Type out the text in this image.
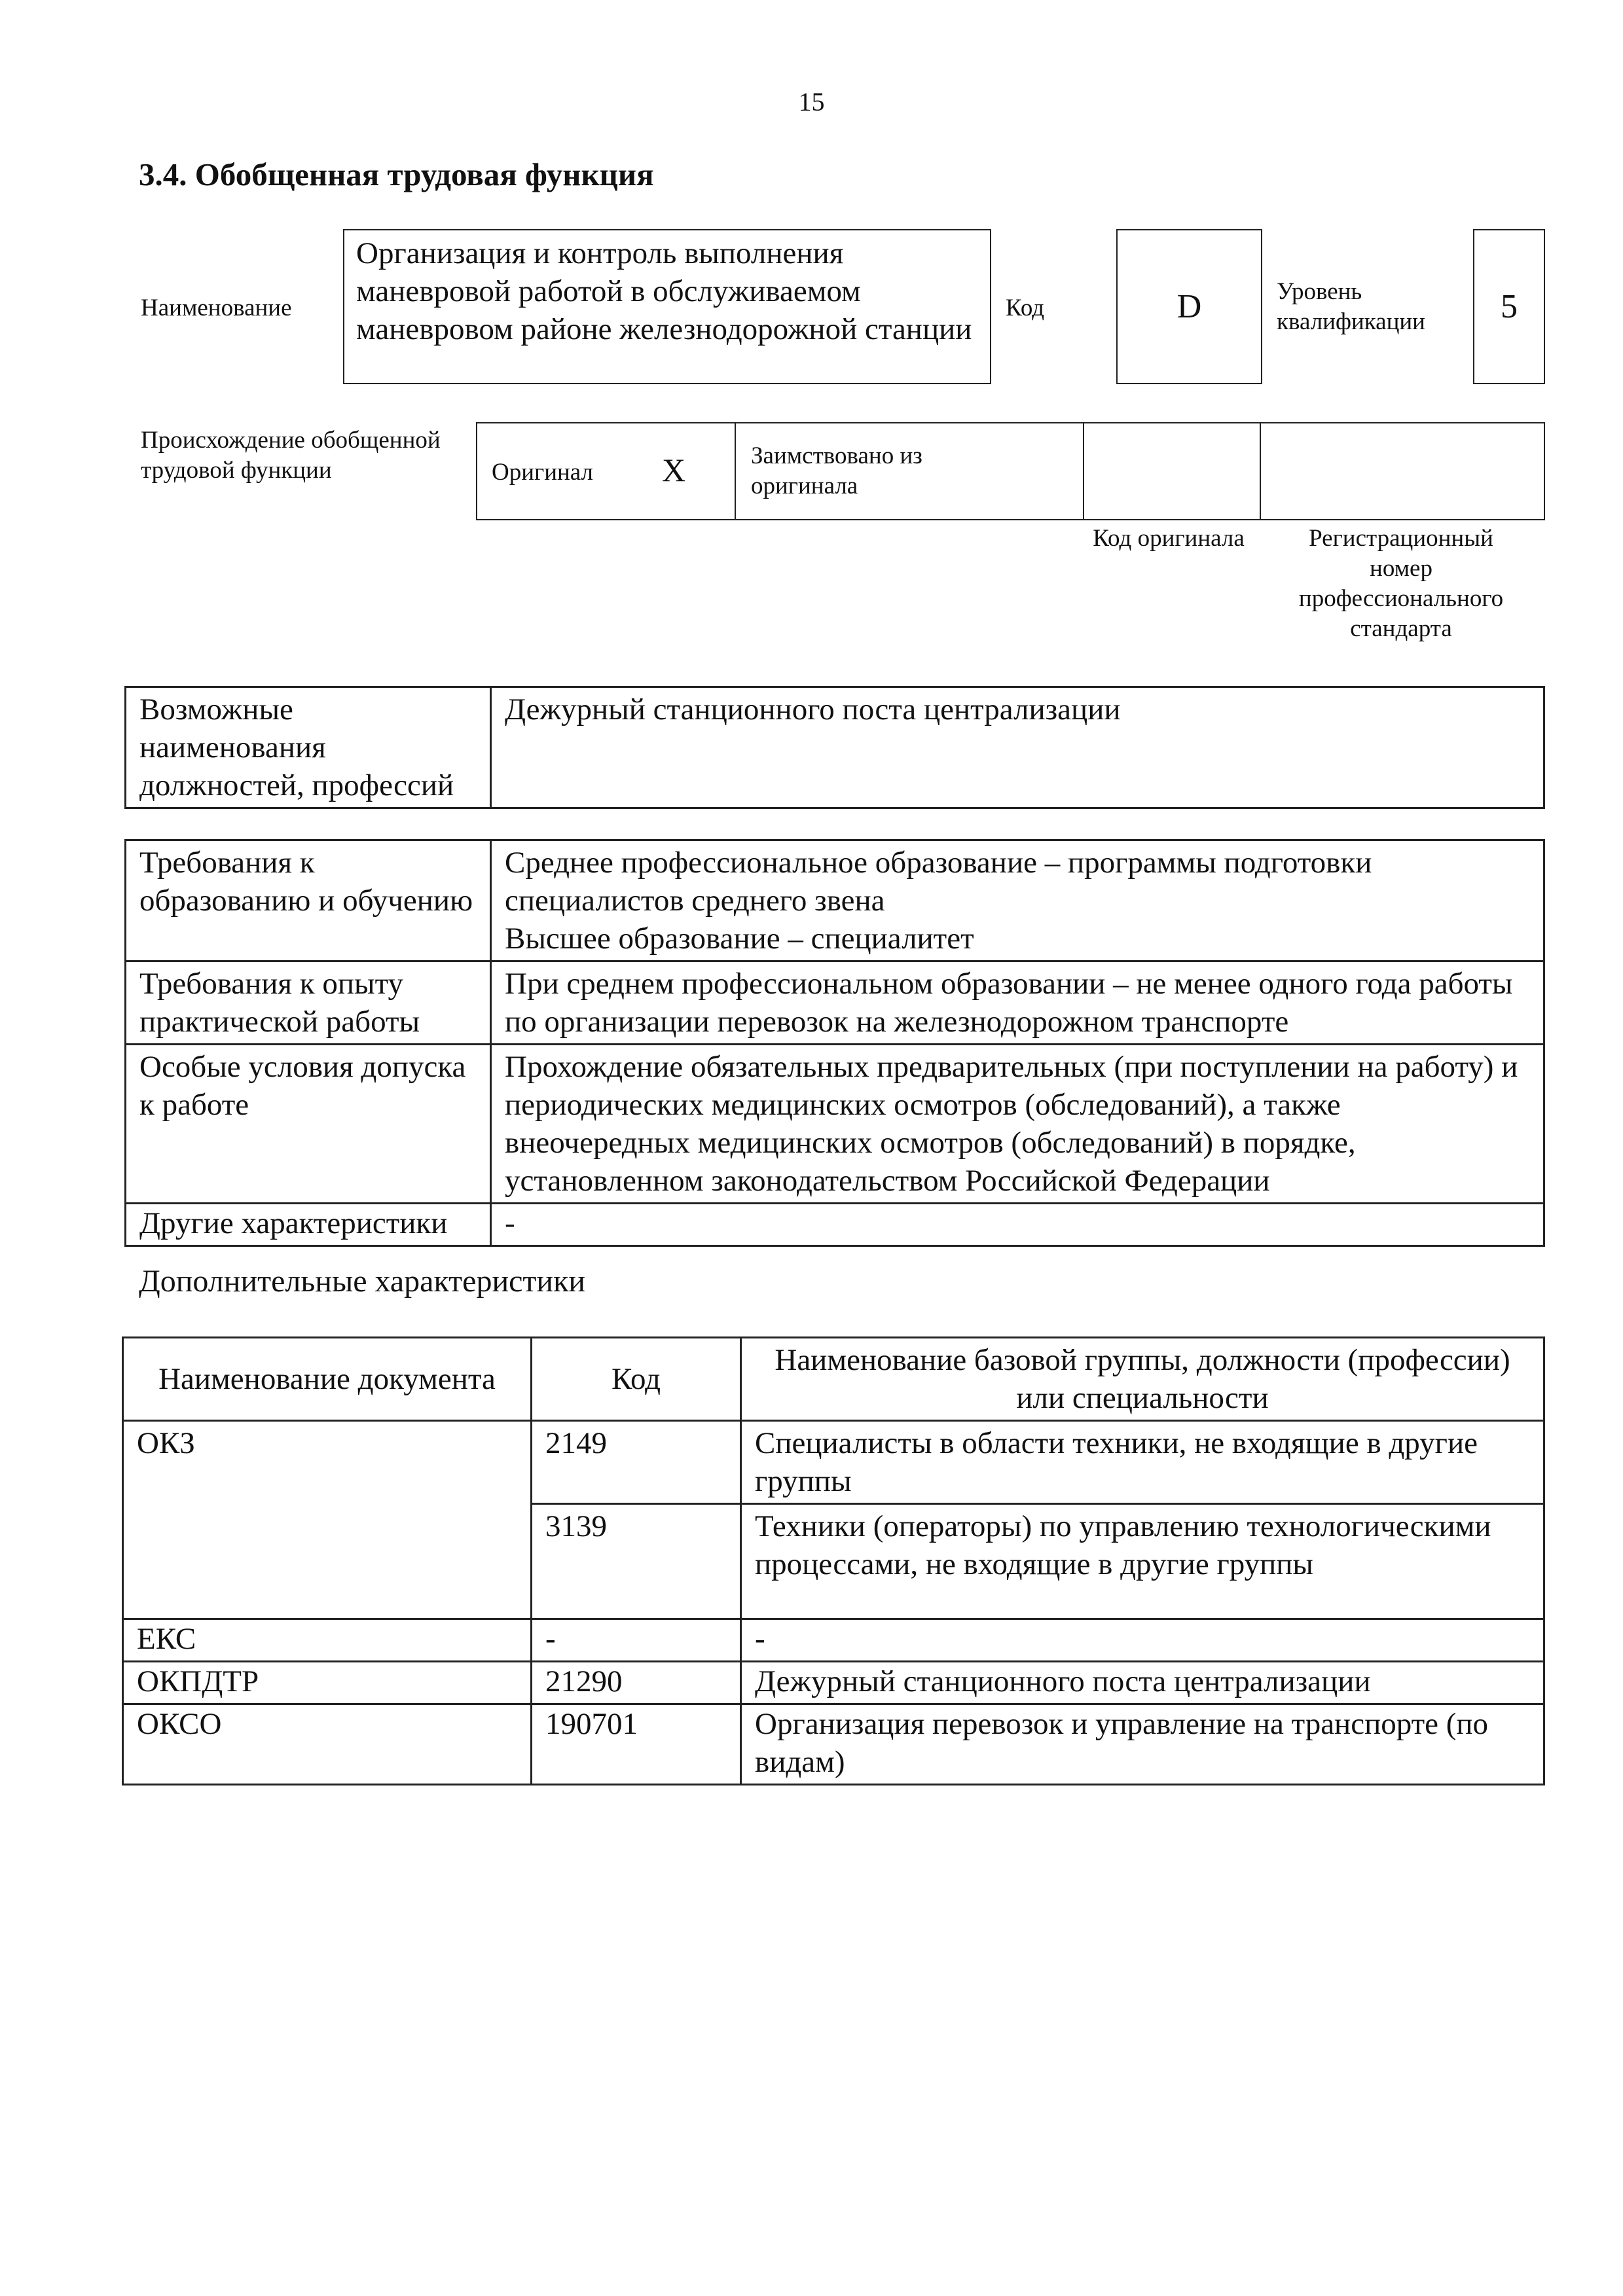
15
3.4. Обобщенная трудовая функция
Наименование
Организация и контроль выполнения маневровой работой в обслуживаемом маневровом районе железнодорожной станции
Код	D	Уровень квалификации	5
Происхождение обобщенной трудовой функции	Оригинал X	Заимствовано из оригинала
Код оригинала	Регистрационный номер профессионального стандарта
Возможные наименования должностей, профессий	Дежурный станционного поста централизации
Требования к образованию и обучению	Среднее профессиональное образование – программы подготовки специалистов среднего звена
Высшее образование – специалитет
Требования к опыту практической работы	При среднем профессиональном образовании – не менее одного года работы по организации перевозок на железнодорожном транспорте
Особые условия допуска к работе	Прохождение обязательных предварительных (при поступлении на работу) и периодических медицинских осмотров (обследований), а также внеочередных медицинских осмотров (обследований) в порядке, установленном законодательством Российской Федерации
Другие характеристики	-
Дополнительные характеристики
Наименование документа	Код	Наименование базовой группы, должности (профессии) или специальности
ОКЗ	2149	Специалисты в области техники, не входящие в другие группы
	3139	Техники (операторы) по управлению технологическими процессами, не входящие в другие группы
ЕКС	-	-
ОКПДТР	21290	Дежурный станционного поста централизации
ОКСО	190701	Организация перевозок и управление на транспорте (по видам)
